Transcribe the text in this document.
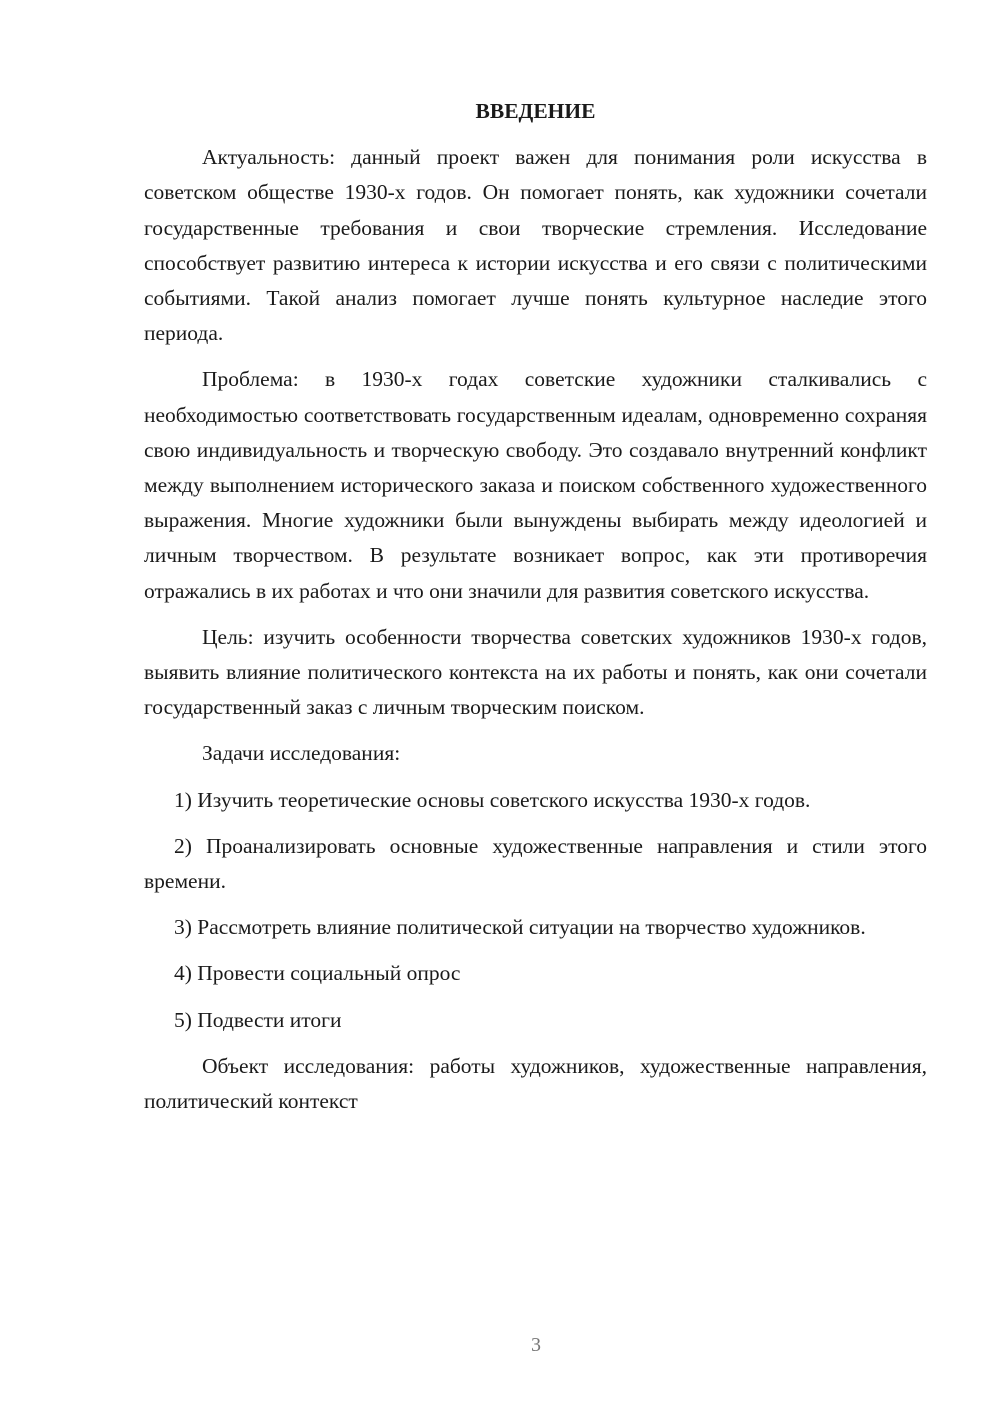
ВВЕДЕНИЕ

Актуальность: данный проект важен для понимания роли искусства в советском обществе 1930-х годов. Он помогает понять, как художники сочетали государственные требования и свои творческие стремления. Исследование способствует развитию интереса к истории искусства и его связи с политическими событиями. Такой анализ помогает лучше понять культурное наследие этого периода.

Проблема: в 1930-х годах советские художники сталкивались с необходимостью соответствовать государственным идеалам, одновременно сохраняя свою индивидуальность и творческую свободу. Это создавало внутренний конфликт между выполнением исторического заказа и поиском собственного художественного выражения. Многие художники были вынуждены выбирать между идеологией и личным творчеством. В результате возникает вопрос, как эти противоречия отражались в их работах и что они значили для развития советского искусства.

Цель: изучить особенности творчества советских художников 1930-х годов, выявить влияние политического контекста на их работы и понять, как они сочетали государственный заказ с личным творческим поиском.

Задачи исследования:

1) Изучить теоретические основы советского искусства 1930-х годов.

2) Проанализировать основные художественные направления и стили этого времени.

3) Рассмотреть влияние политической ситуации на творчество художников.

4) Провести социальный опрос

5) Подвести итоги

Объект исследования: работы художников, художественные направления, политический контекст

3
